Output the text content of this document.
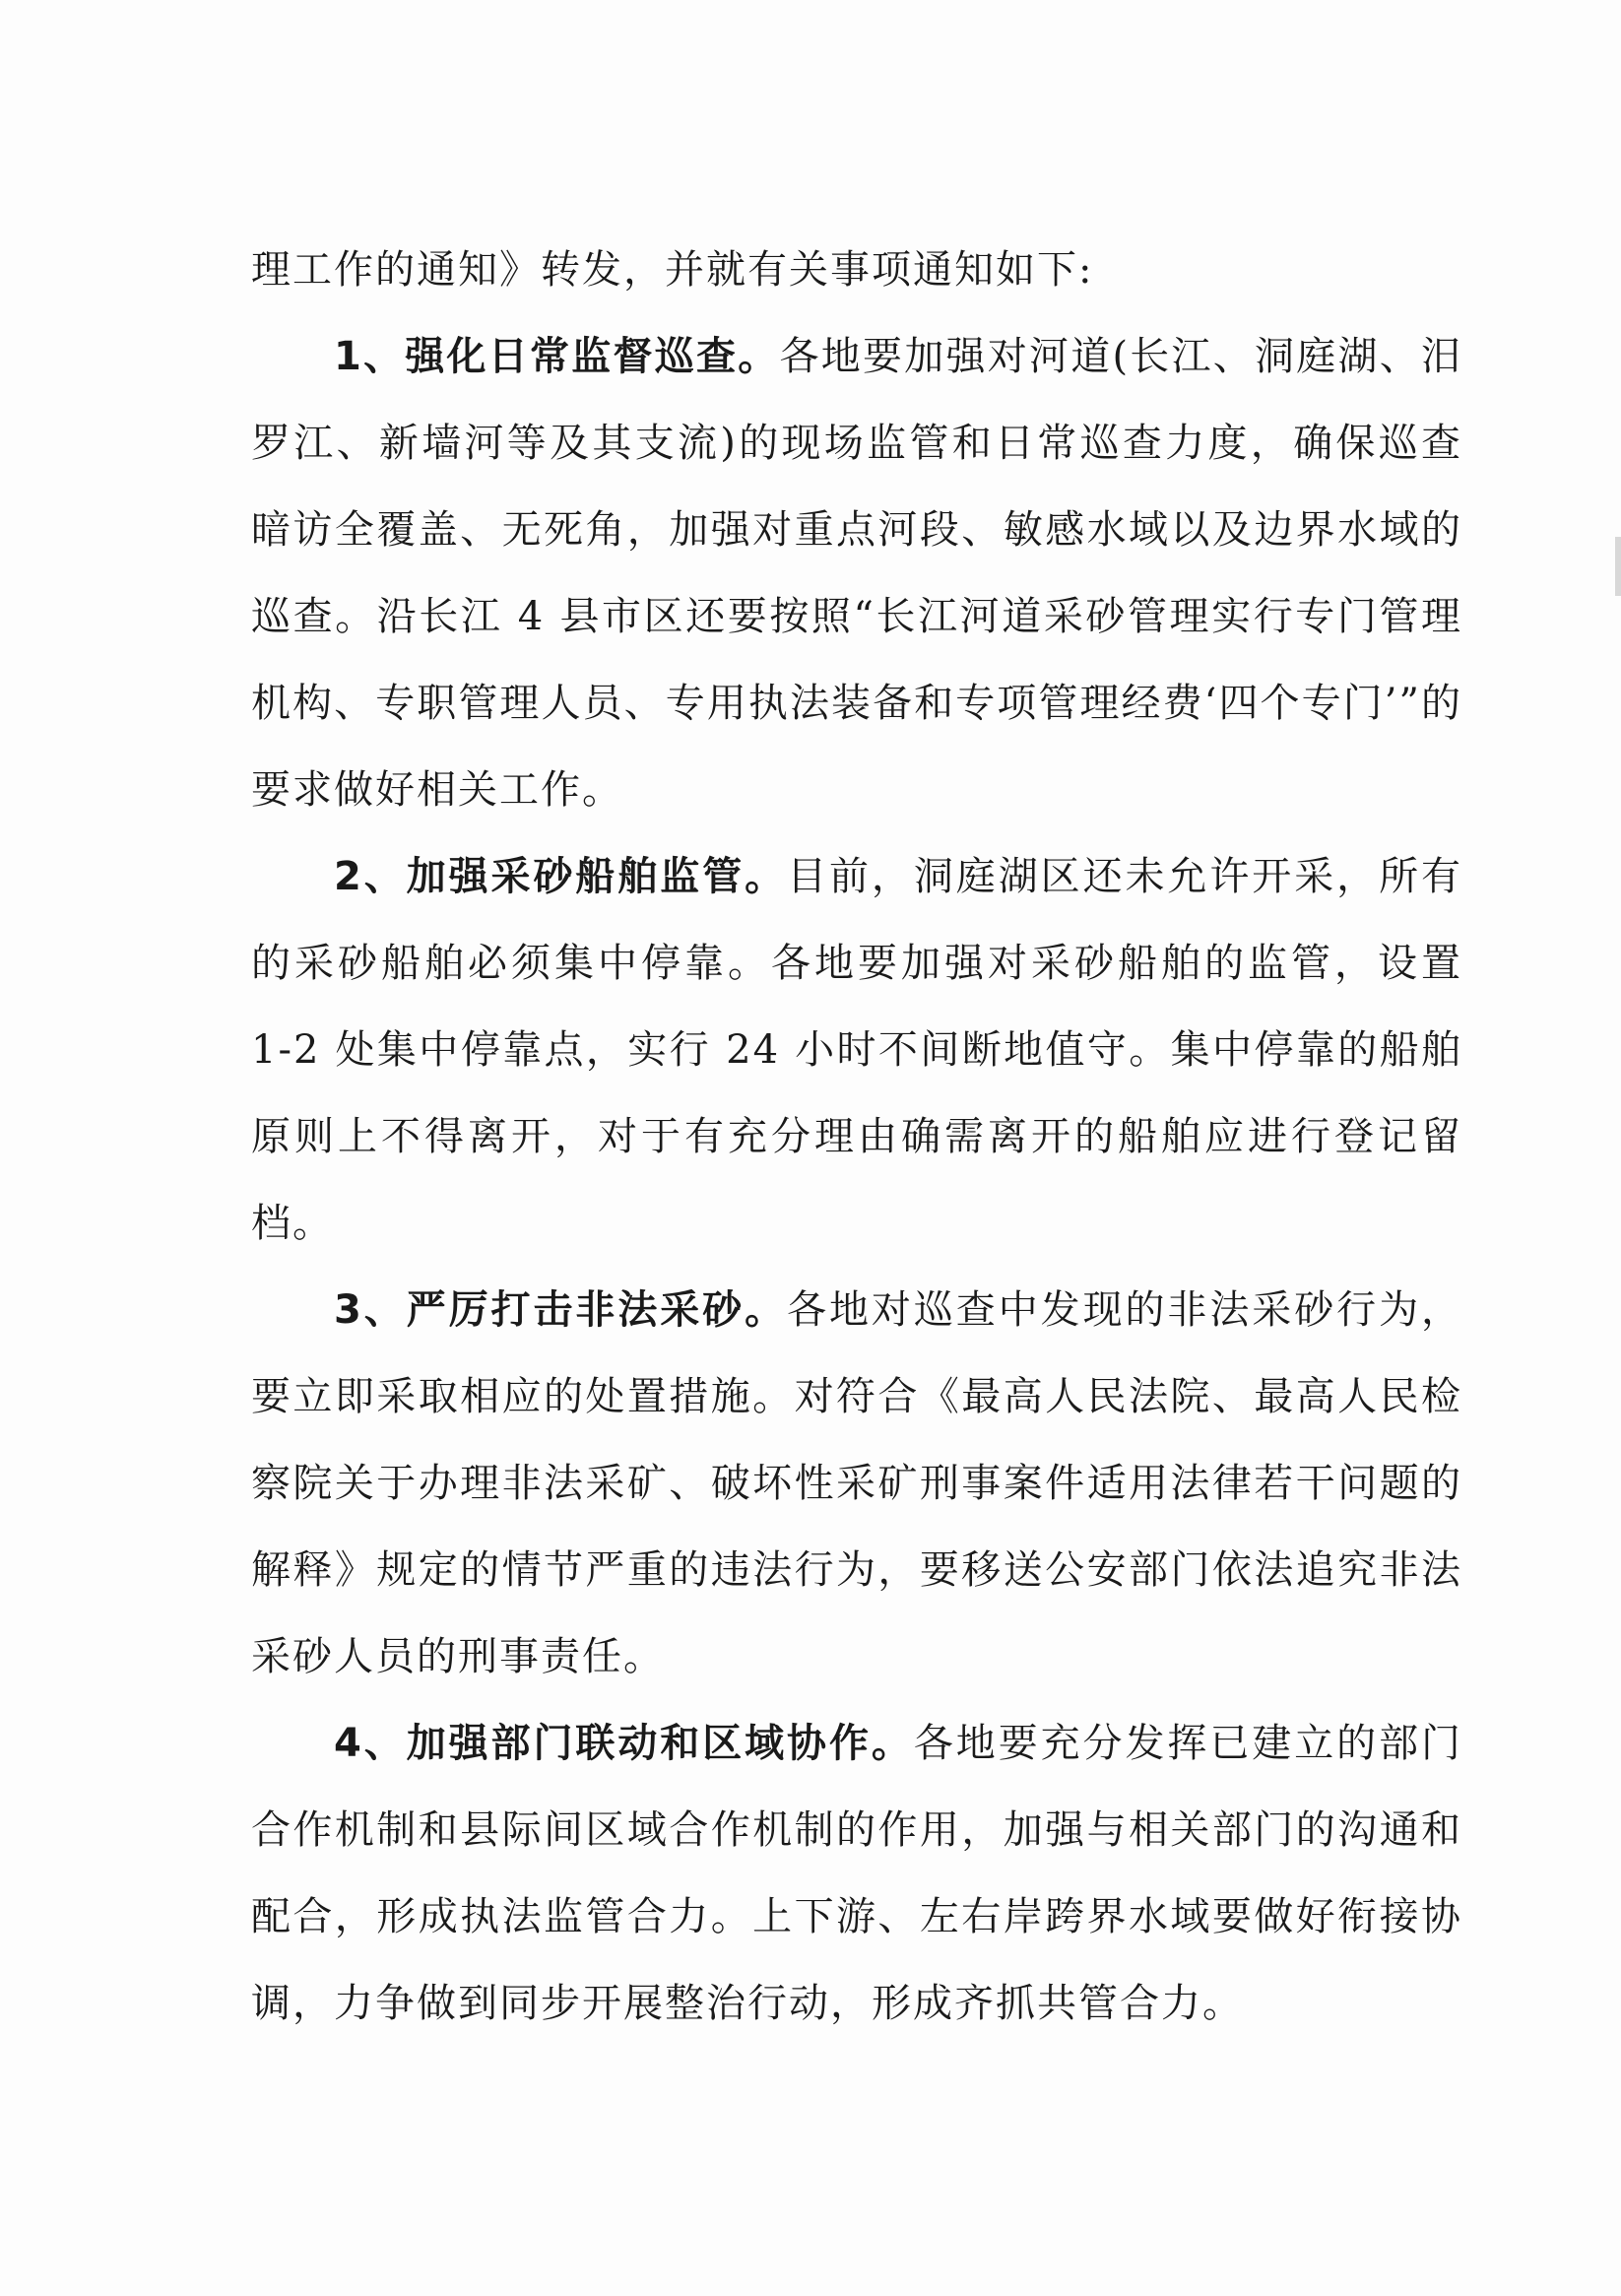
理工作的通知》转发，并就有关事项通知如下:

1、强化日常监督巡查。各地要加强对河道(长江、洞庭湖、汨罗江、新墙河等及其支流)的现场监管和日常巡查力度，确保巡查暗访全覆盖、无死角，加强对重点河段、敏感水域以及边界水域的巡查。沿长江 4 县市区还要按照“长江河道采砂管理实行专门管理机构、专职管理人员、专用执法装备和专项管理经费‘四个专门’”的要求做好相关工作。

2、加强采砂船舶监管。目前，洞庭湖区还未允许开采，所有的采砂船舶必须集中停靠。各地要加强对采砂船舶的监管，设置 1-2 处集中停靠点，实行 24 小时不间断地值守。集中停靠的船舶原则上不得离开，对于有充分理由确需离开的船舶应进行登记留档。

3、严厉打击非法采砂。各地对巡查中发现的非法采砂行为，要立即采取相应的处置措施。对符合《最高人民法院、最高人民检察院关于办理非法采矿、破坏性采矿刑事案件适用法律若干问题的解释》规定的情节严重的违法行为，要移送公安部门依法追究非法采砂人员的刑事责任。

4、加强部门联动和区域协作。各地要充分发挥已建立的部门合作机制和县际间区域合作机制的作用，加强与相关部门的沟通和配合，形成执法监管合力。上下游、左右岸跨界水域要做好衔接协调，力争做到同步开展整治行动，形成齐抓共管合力。
